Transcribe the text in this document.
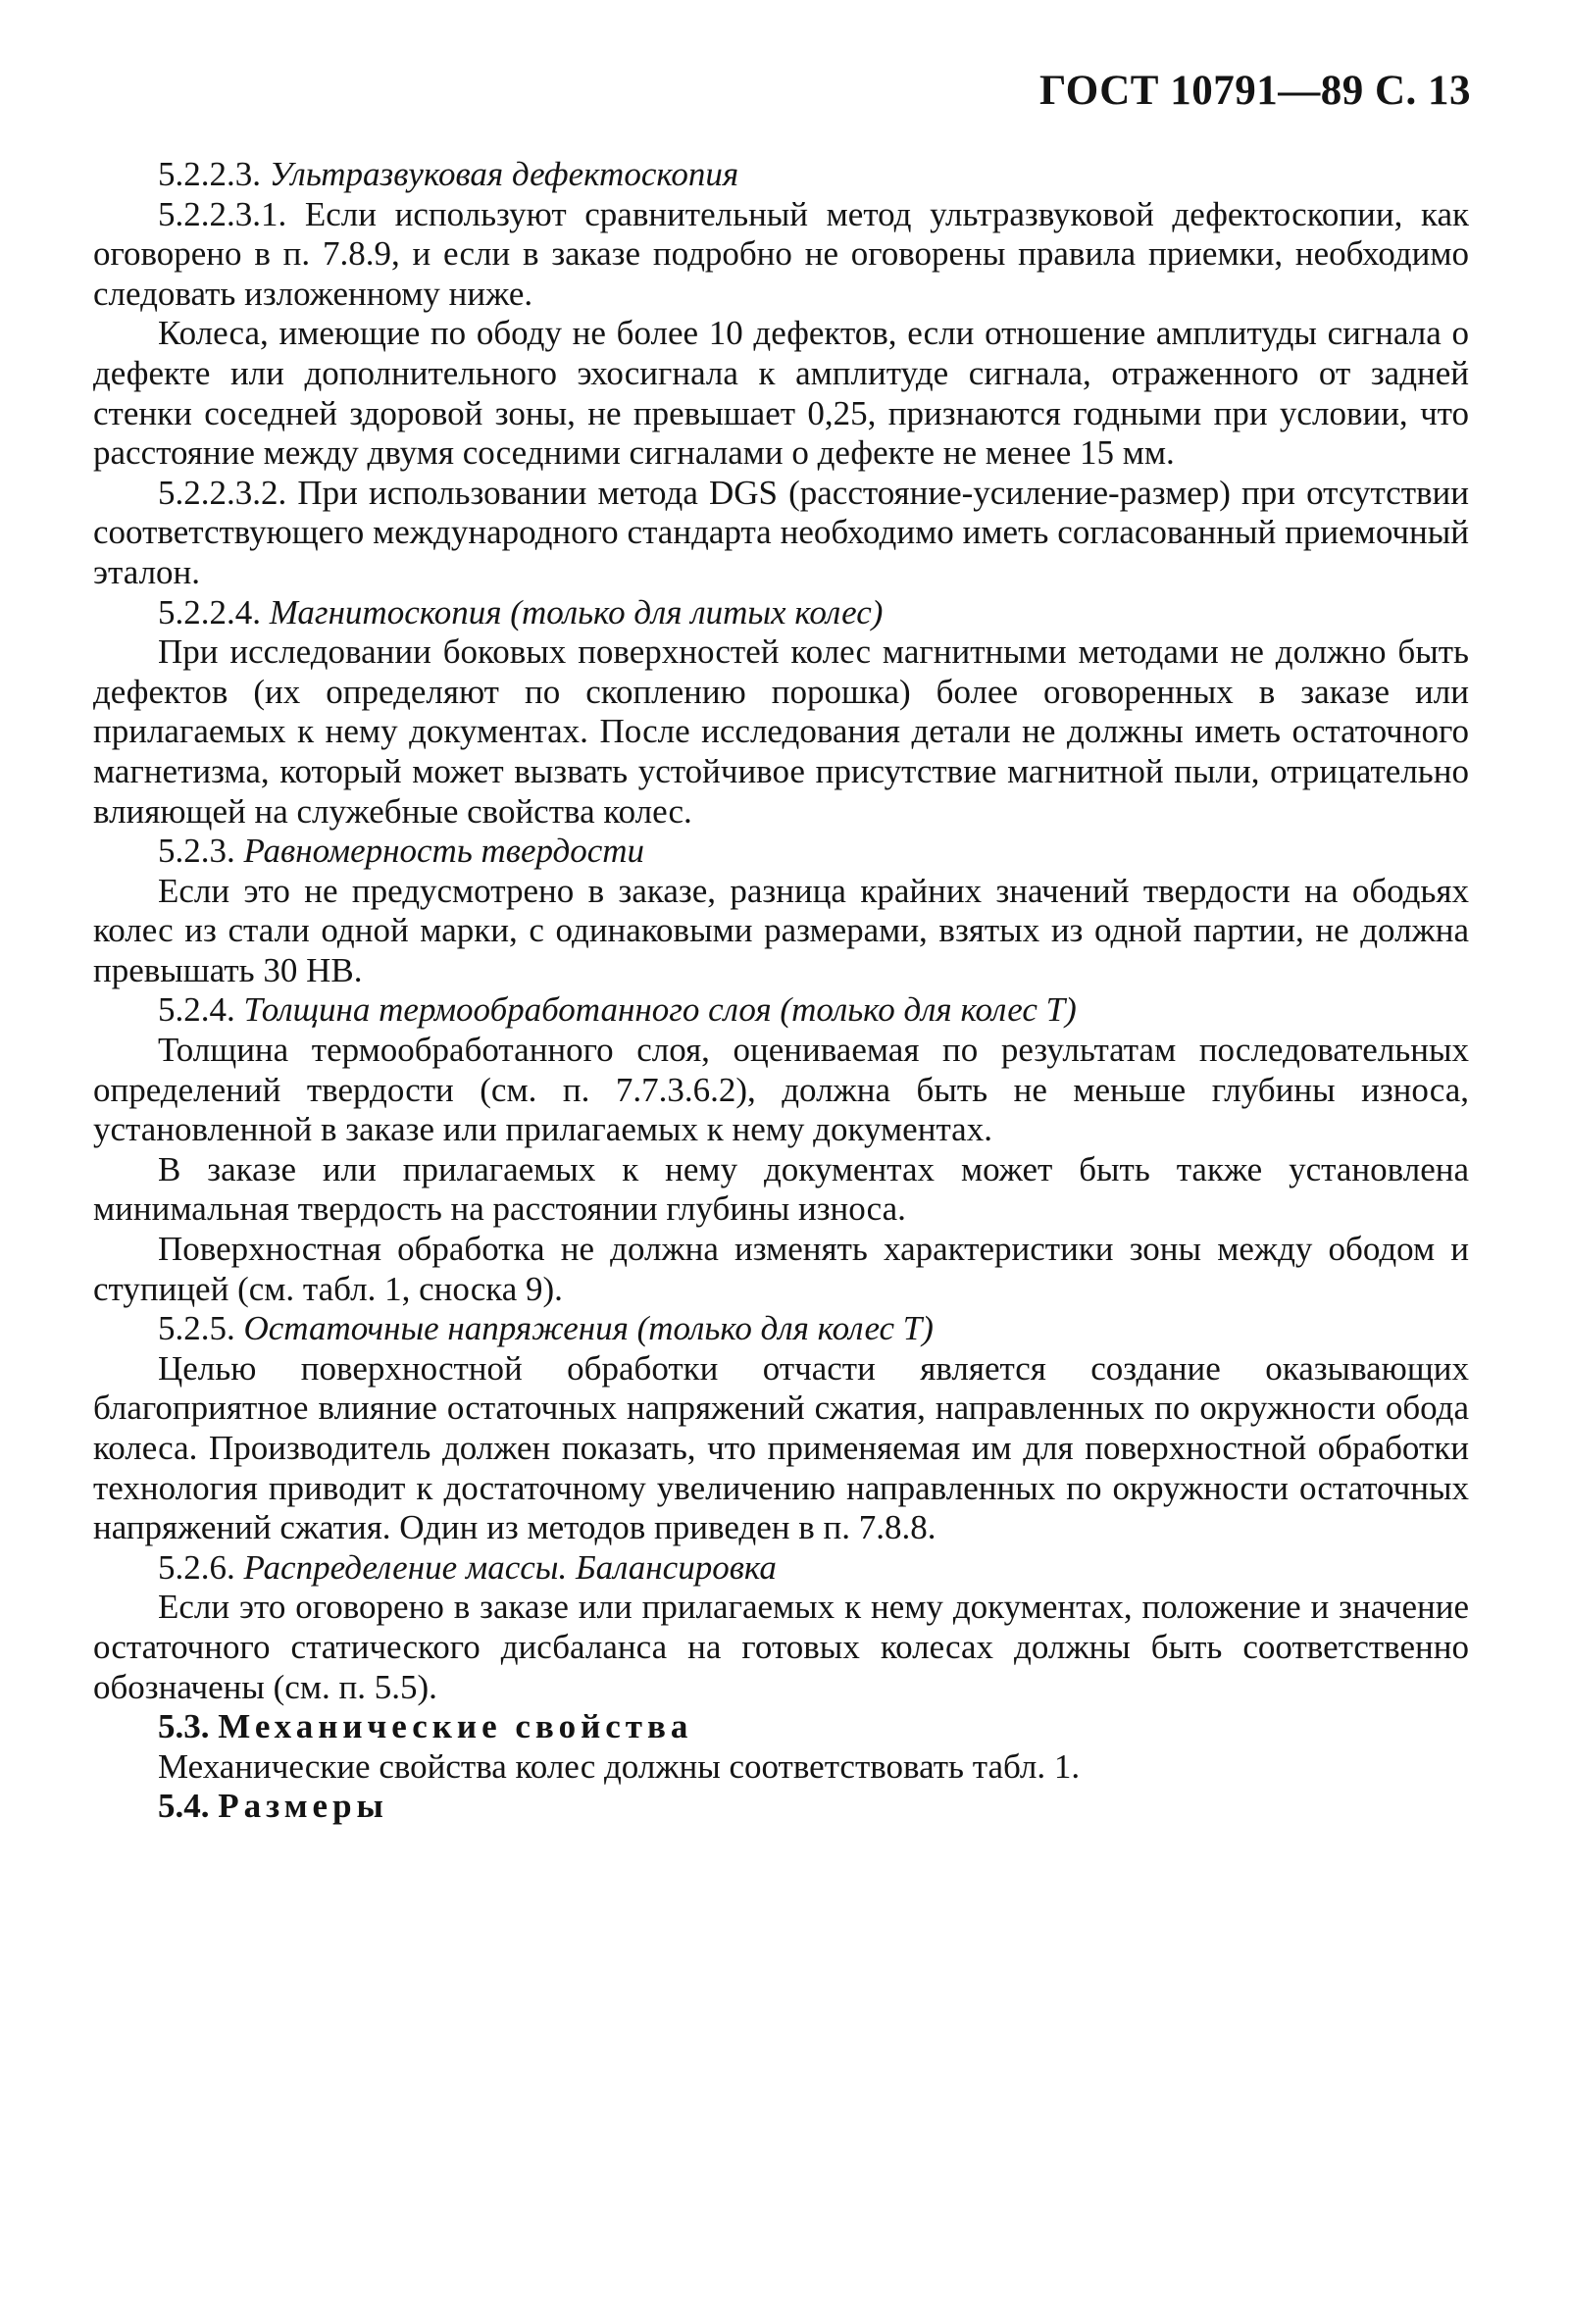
ГОСТ 10791—89 С. 13

5.2.2.3. Ультразвуковая дефектоскопия

5.2.2.3.1. Если используют сравнительный метод ультразвуковой дефектоскопии, как оговорено в п. 7.8.9, и если в заказе подробно не оговорены правила приемки, необходимо следовать изложенному ниже.

Колеса, имеющие по ободу не более 10 дефектов, если отношение амплитуды сигнала о дефекте или дополнительного эхосигнала к амплитуде сигнала, отраженного от задней стенки соседней здоровой зоны, не превышает 0,25, признаются годными при условии, что расстояние между двумя соседними сигналами о дефекте не менее 15 мм.

5.2.2.3.2. При использовании метода DGS (расстояние-усиление-размер) при отсутствии соответствующего международного стандарта необходимо иметь согласованный приемочный эталон.

5.2.2.4. Магнитоскопия (только для литых колес)

При исследовании боковых поверхностей колес магнитными методами не должно быть дефектов (их определяют по скоплению порошка) более оговоренных в заказе или прилагаемых к нему документах. После исследования детали не должны иметь остаточного магнетизма, который может вызвать устойчивое присутствие магнитной пыли, отрицательно влияющей на служебные свойства колес.

5.2.3. Равномерность твердости

Если это не предусмотрено в заказе, разница крайних значений твердости на ободьях колес из стали одной марки, с одинаковыми размерами, взятых из одной партии, не должна превышать 30 НВ.

5.2.4. Толщина термообработанного слоя (только для колес Т)

Толщина термообработанного слоя, оцениваемая по результатам последовательных определений твердости (см. п. 7.7.3.6.2), должна быть не меньше глубины износа, установленной в заказе или прилагаемых к нему документах.

В заказе или прилагаемых к нему документах может быть также установлена минимальная твердость на расстоянии глубины износа.

Поверхностная обработка не должна изменять характеристики зоны между ободом и ступицей (см. табл. 1, сноска 9).

5.2.5. Остаточные напряжения (только для колес Т)

Целью поверхностной обработки отчасти является создание оказывающих благоприятное влияние остаточных напряжений сжатия, направленных по окружности обода колеса. Производитель должен показать, что применяемая им для поверхностной обработки технология приводит к достаточному увеличению направленных по окружности остаточных напряжений сжатия. Один из методов приведен в п. 7.8.8.

5.2.6. Распределение массы. Балансировка

Если это оговорено в заказе или прилагаемых к нему документах, положение и значение остаточного статического дисбаланса на готовых колесах должны быть соответственно обозначены (см. п. 5.5).

5.3. Механические свойства

Механические свойства колес должны соответствовать табл. 1.

5.4. Размеры
